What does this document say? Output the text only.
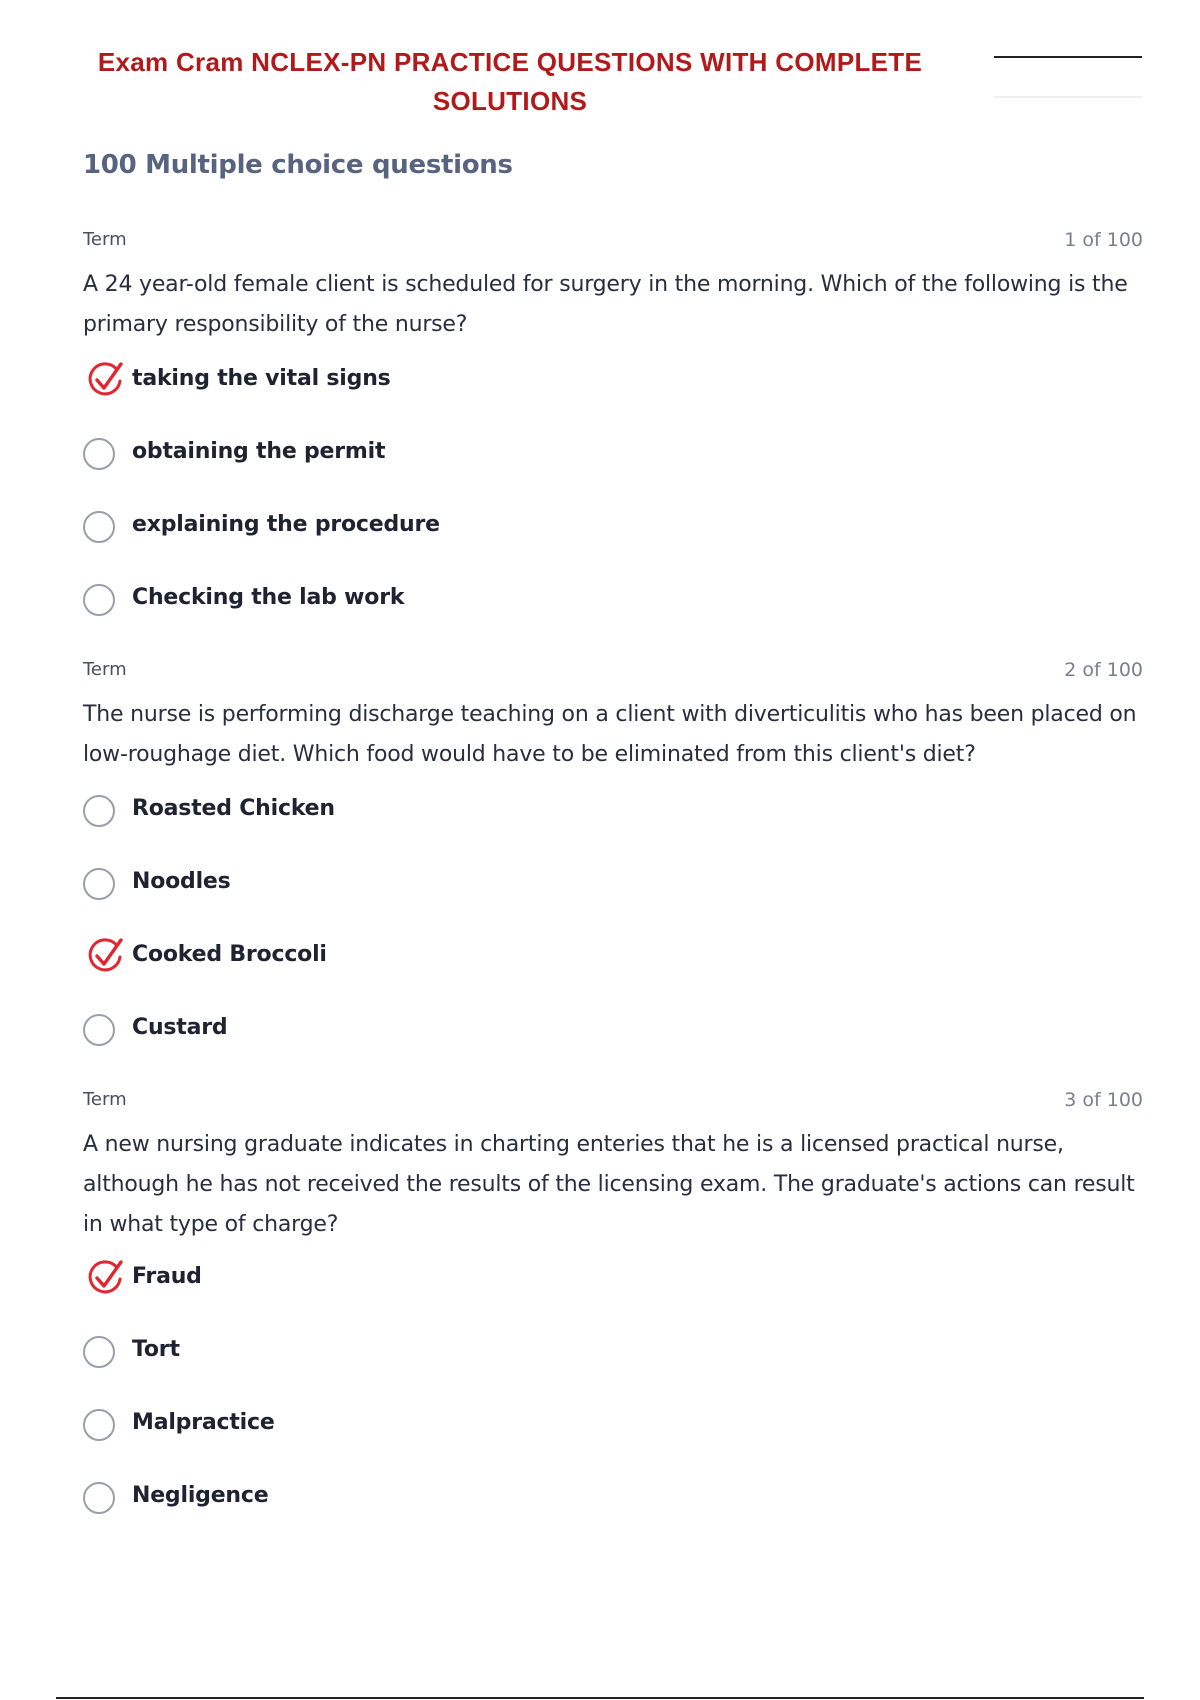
Exam Cram NCLEX-PN PRACTICE QUESTIONS WITH COMPLETE SOLUTIONS
100 Multiple choice questions
Term	1 of 100

A 24 year-old female client is scheduled for surgery in the morning. Which of the following is the primary responsibility of the nurse?

taking the vital signs
obtaining the permit
explaining the procedure
Checking the lab work
Term	2 of 100

The nurse is performing discharge teaching on a client with diverticulitis who has been placed on low-roughage diet. Which food would have to be eliminated from this client's diet?

Roasted Chicken
Noodles
Cooked Broccoli
Custard
Term	3 of 100

A new nursing graduate indicates in charting enteries that he is a licensed practical nurse, although he has not received the results of the licensing exam. The graduate's actions can result in what type of charge?

Fraud
Tort
Malpractice
Negligence
